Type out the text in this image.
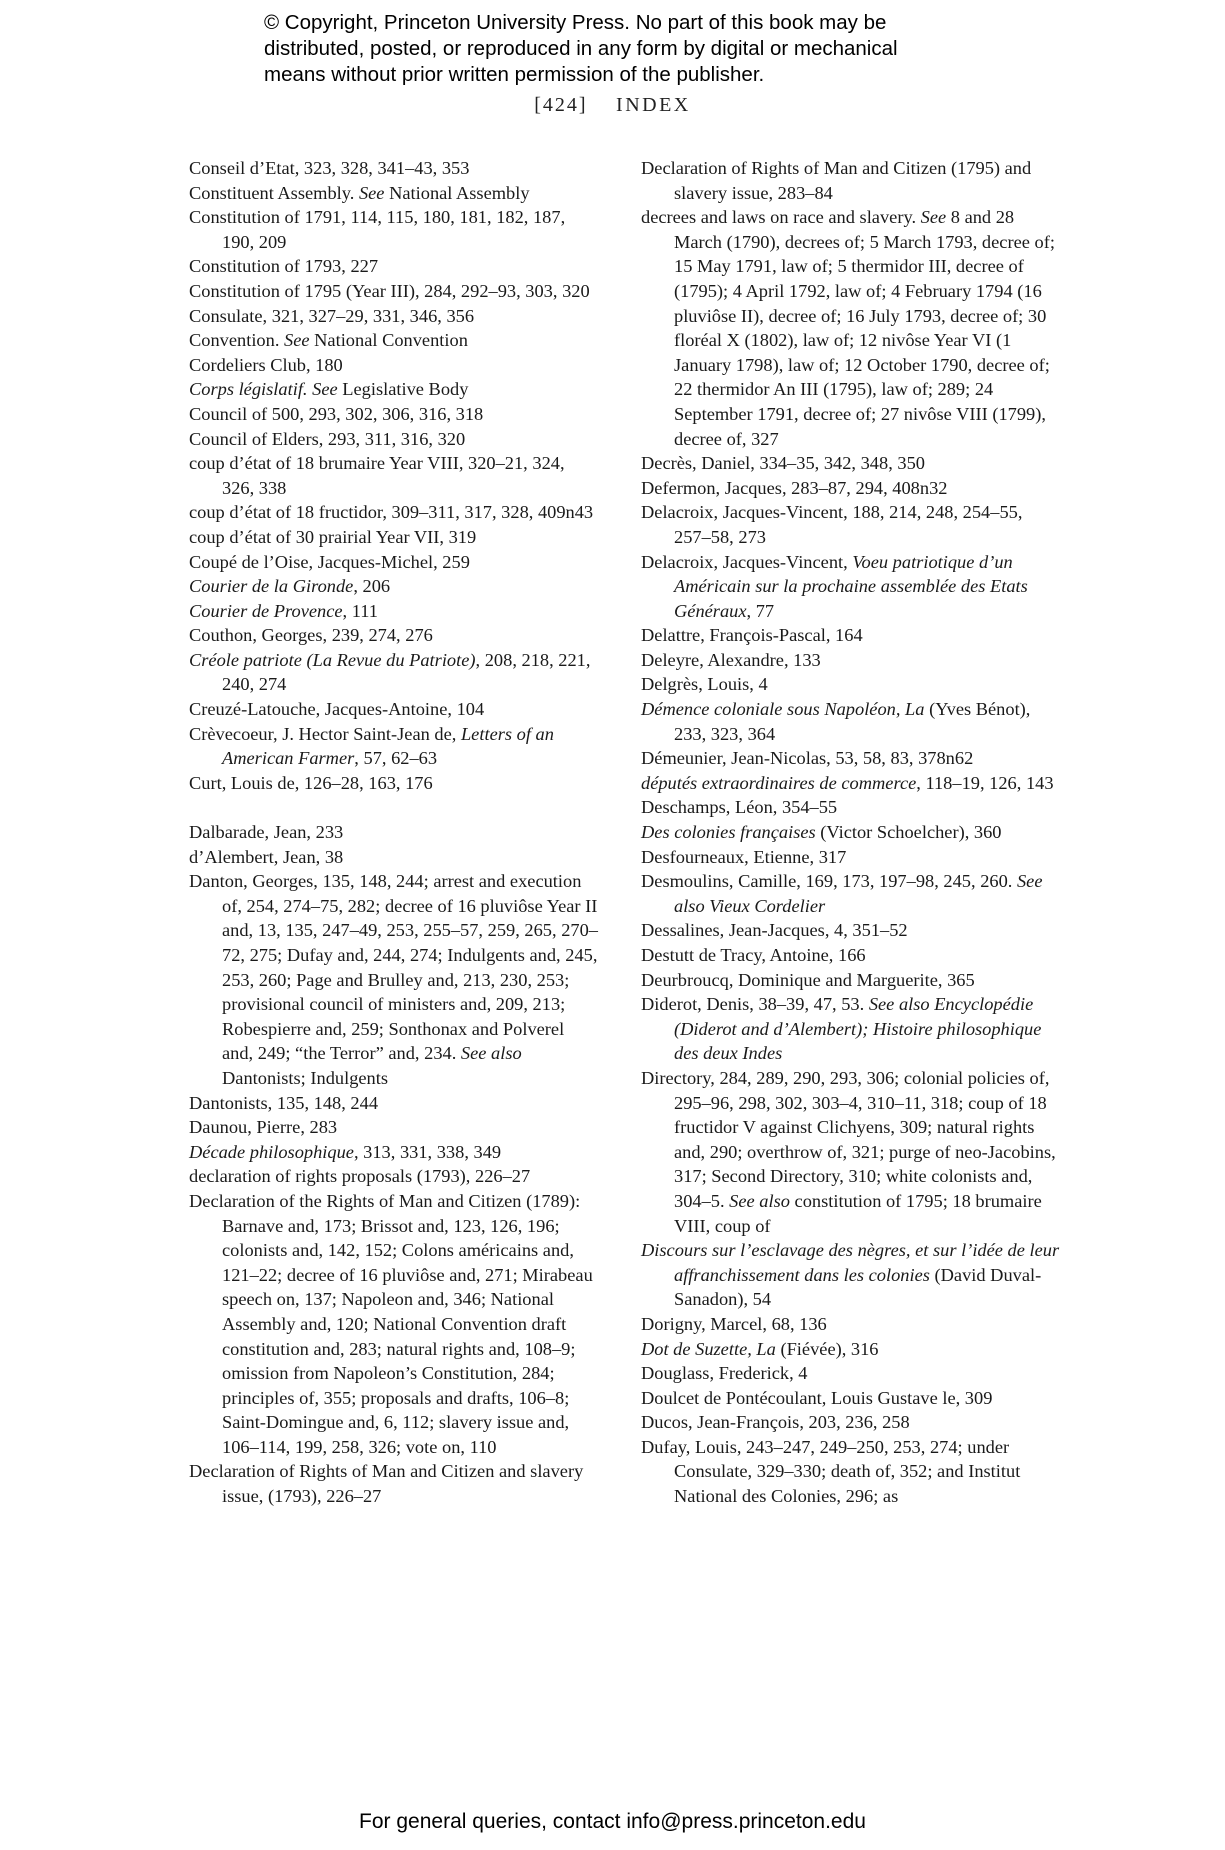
© Copyright, Princeton University Press. No part of this book may be
distributed, posted, or reproduced in any form by digital or mechanical
means without prior written permission of the publisher.
[424] INDEX

Conseil d’Etat, 323, 328, 341–43, 353

Constituent Assembly. See National Assembly

Constitution of 1791, 114, 115, 180, 181, 182, 187, 190, 209

Constitution of 1793, 227

Constitution of 1795 (Year III), 284, 292–93, 303, 320

Consulate, 321, 327–29, 331, 346, 356

Convention. See National Convention

Cordeliers Club, 180

Corps législatif. See Legislative Body

Council of 500, 293, 302, 306, 316, 318

Council of Elders, 293, 311, 316, 320

coup d’état of 18 brumaire Year VIII, 320–21, 324, 326, 338

coup d’état of 18 fructidor, 309–311, 317, 328, 409n43

coup d’état of 30 prairial Year VII, 319

Coupé de l’Oise, Jacques-Michel, 259

Courier de la Gironde, 206

Courier de Provence, 111

Couthon, Georges, 239, 274, 276

Créole patriote (La Revue du Patriote), 208, 218, 221, 240, 274

Creuzé-Latouche, Jacques-Antoine, 104

Crèvecoeur, J. Hector Saint-Jean de, Letters of an American Farmer, 57, 62–63

Curt, Louis de, 126–28, 163, 176

Dalbarade, Jean, 233

d’Alembert, Jean, 38

Danton, Georges, 135, 148, 244; arrest and execution of, 254, 274–75, 282; decree of 16 pluviôse Year II and, 13, 135, 247–49, 253, 255–57, 259, 265, 270–72, 275; Dufay and, 244, 274; Indulgents and, 245, 253, 260; Page and Brulley and, 213, 230, 253; provisional council of ministers and, 209, 213; Robespierre and, 259; Sonthonax and Polverel and, 249; “the Terror” and, 234. See also Dantonists; Indulgents

Dantonists, 135, 148, 244

Daunou, Pierre, 283

Décade philosophique, 313, 331, 338, 349

declaration of rights proposals (1793), 226–27

Declaration of the Rights of Man and Citizen (1789): Barnave and, 173; Brissot and, 123, 126, 196; colonists and, 142, 152; Colons américains and, 121–22; decree of 16 pluviôse and, 271; Mirabeau speech on, 137; Napoleon and, 346; National Assembly and, 120; National Convention draft constitution and, 283; natural rights and, 108–9; omission from Napoleon’s Constitution, 284; principles of, 355; proposals and drafts, 106–8; Saint-Domingue and, 6, 112; slavery issue and, 106–114, 199, 258, 326; vote on, 110

Declaration of Rights of Man and Citizen and slavery issue, (1793), 226–27

Declaration of Rights of Man and Citizen (1795) and slavery issue, 283–84

decrees and laws on race and slavery. See 8 and 28 March (1790), decrees of; 5 March 1793, decree of; 15 May 1791, law of; 5 thermidor III, decree of (1795); 4 April 1792, law of; 4 February 1794 (16 pluviôse II), decree of; 16 July 1793, decree of; 30 floréal X (1802), law of; 12 nivôse Year VI (1 January 1798), law of; 12 October 1790, decree of; 22 thermidor An III (1795), law of; 289; 24 September 1791, decree of; 27 nivôse VIII (1799), decree of, 327

Decrès, Daniel, 334–35, 342, 348, 350

Defermon, Jacques, 283–87, 294, 408n32

Delacroix, Jacques-Vincent, 188, 214, 248, 254–55, 257–58, 273

Delacroix, Jacques-Vincent, Voeu patriotique d’un Américain sur la prochaine assemblée des Etats Généraux, 77

Delattre, François-Pascal, 164

Deleyre, Alexandre, 133

Delgrès, Louis, 4

Démence coloniale sous Napoléon, La (Yves Bénot), 233, 323, 364

Démeunier, Jean-Nicolas, 53, 58, 83, 378n62

députés extraordinaires de commerce, 118–19, 126, 143

Deschamps, Léon, 354–55

Des colonies françaises (Victor Schoelcher), 360

Desfourneaux, Etienne, 317

Desmoulins, Camille, 169, 173, 197–98, 245, 260. See also Vieux Cordelier

Dessalines, Jean-Jacques, 4, 351–52

Destutt de Tracy, Antoine, 166

Deurbroucq, Dominique and Marguerite, 365

Diderot, Denis, 38–39, 47, 53. See also Encyclopédie (Diderot and d’Alembert); Histoire philosophique des deux Indes

Directory, 284, 289, 290, 293, 306; colonial policies of, 295–96, 298, 302, 303–4, 310–11, 318; coup of 18 fructidor V against Clichyens, 309; natural rights and, 290; overthrow of, 321; purge of neo-Jacobins, 317; Second Directory, 310; white colonists and, 304–5. See also constitution of 1795; 18 brumaire VIII, coup of

Discours sur l’esclavage des nègres, et sur l’idée de leur affranchissement dans les colonies (David Duval-Sanadon), 54

Dorigny, Marcel, 68, 136

Dot de Suzette, La (Fiévée), 316

Douglass, Frederick, 4

Doulcet de Pontécoulant, Louis Gustave le, 309

Ducos, Jean-François, 203, 236, 258

Dufay, Louis, 243–247, 249–250, 253, 274; under Consulate, 329–330; death of, 352; and Institut National des Colonies, 296; as

For general queries, contact info@press.princeton.edu
